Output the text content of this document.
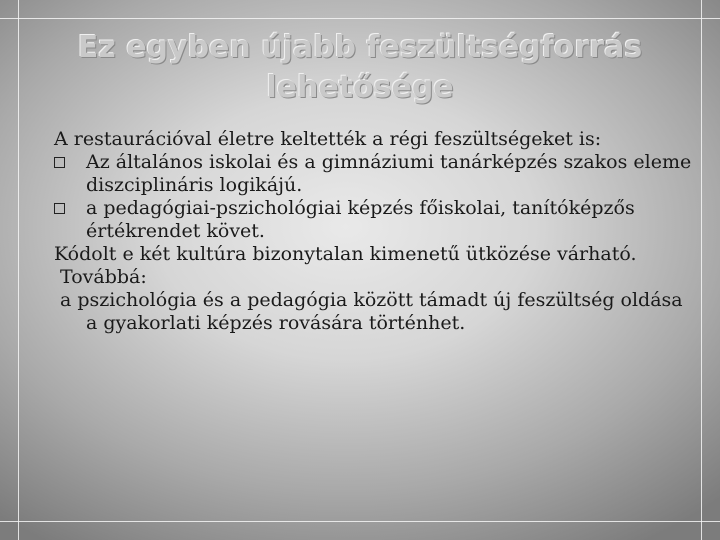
Ez egyben újabb feszültségforrás lehetősége

A restaurációval életre keltették a régi feszültségeket is:

Az általános iskolai és a gimnáziumi tanárképzés szakos eleme diszciplináris logikájú.
a pedagógiai-pszichológiai képzés főiskolai, tanítóképzős értékrendet követ.

Kódolt e két kultúra bizonytalan kimenetű ütközése várható.

Továbbá:

a pszichológia és a pedagógia között támadt új feszültség oldása a gyakorlati képzés rovására történhet.
